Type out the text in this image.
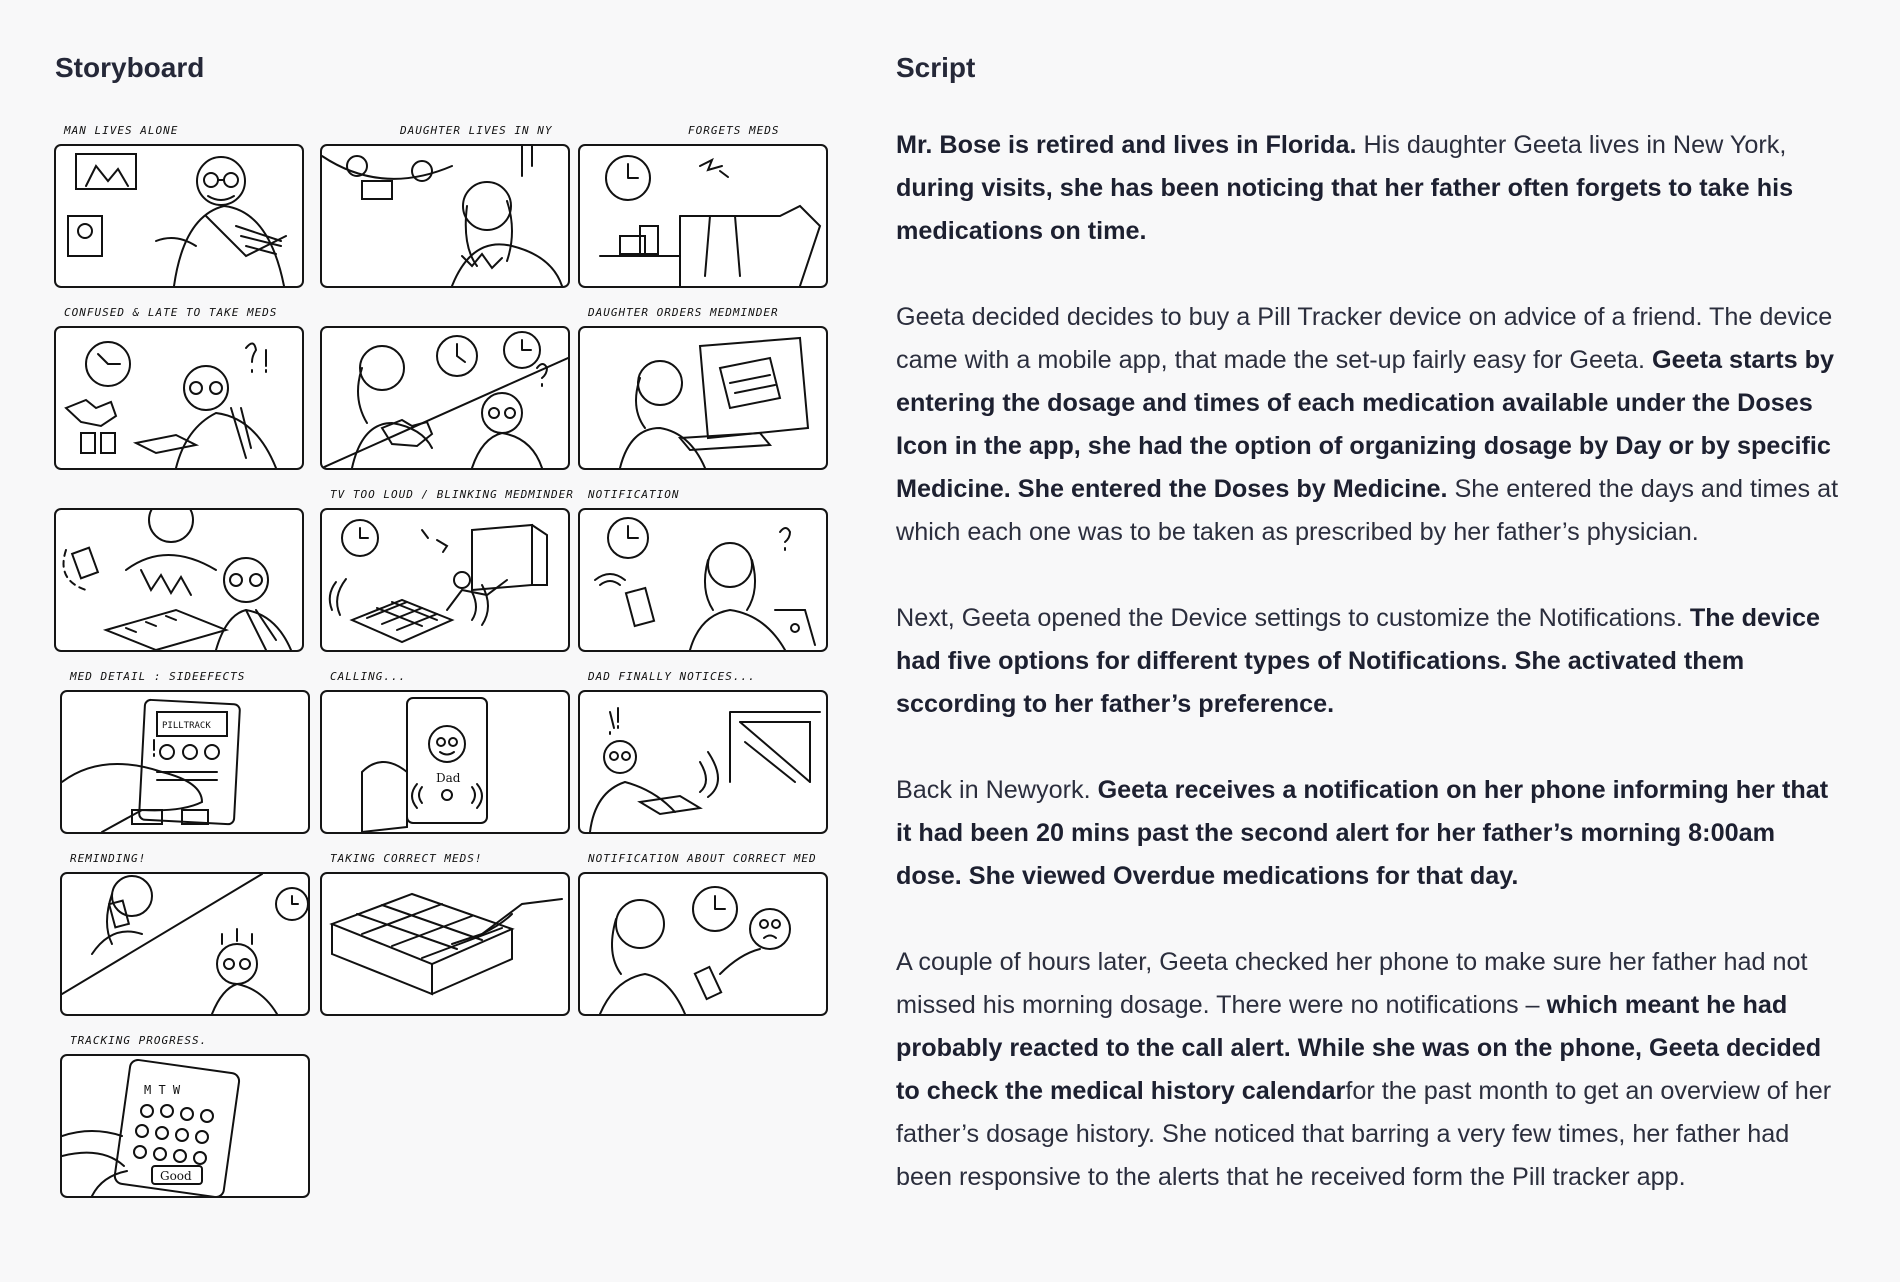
Storyboard	Script
MAN LIVES ALONE	DAUGHTER LIVES IN NY	FORGETS MEDS
CONFUSED & LATE TO TAKE MEDS	DAUGHTER ORDERS MEDMINDER
TV TOO LOUD / BLINKING MEDMINDER NOTIFICATION
MED DETAIL : SIDEEFECTS
PILLTRACK
CALLING...
Dad
DAD FINALLY NOTICES...
REMINDING!	TAKING CORRECT MEDS!	NOTIFICATION ABOUT CORRECT MED
TRACKING PROGRESS.
M T W
Good

Mr. Bose is retired and lives in Florida. His daughter Geeta lives in New York, during visits, she has been noticing that her father often forgets to take his medications on time.

Geeta decided decides to buy a Pill Tracker device on advice of a friend. The device came with a mobile app, that made the set-up fairly easy for Geeta. Geeta starts by entering the dosage and times of each medication available under the Doses Icon in the app, she had the option of organizing dosage by Day or by specific Medicine. She entered the Doses by Medicine. She entered the days and times at which each one was to be taken as prescribed by her father’s physician.

Next, Geeta opened the Device settings to customize the Notifications. The device had five options for different types of Notifications. She activated them sccording to her father’s preference.

Back in Newyork. Geeta receives a notification on her phone informing her that it had been 20 mins past the second alert for her father’s morning 8:00am dose. She viewed Overdue medications for that day.

A couple of hours later, Geeta checked her phone to make sure her father had not missed his morning dosage. There were no notifications – which meant he had probably reacted to the call alert. While she was on the phone, Geeta decided to check the medical history calendarfor the past month to get an overview of her father’s dosage history. She noticed that barring a very few times, her father had been responsive to the alerts that he received form the Pill tracker app.
